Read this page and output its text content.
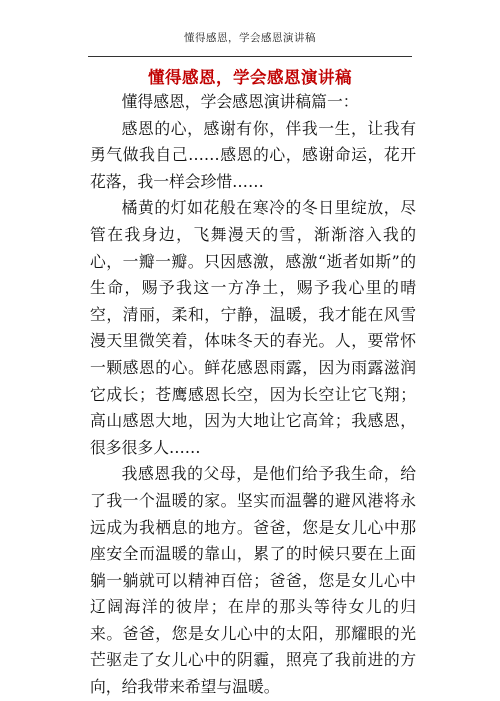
懂得感恩，学会感恩演讲稿
懂得感恩，学会感恩演讲稿

懂得感恩，学会感恩演讲稿篇一：

感恩的心，感谢有你，伴我一生，让我有勇气做我自己……感恩的心，感谢命运，花开花落，我一样会珍惜……

橘黄的灯如花般在寒冷的冬日里绽放，尽管在我身边，飞舞漫天的雪，渐渐溶入我的心，一瓣一瓣。只因感激，感激“逝者如斯”的生命，赐予我这一方净土，赐予我心里的晴空，清丽，柔和，宁静，温暖，我才能在风雪漫天里微笑着，体味冬天的春光。人，要常怀一颗感恩的心。鲜花感恩雨露，因为雨露滋润它成长；苍鹰感恩长空，因为长空让它飞翔；高山感恩大地，因为大地让它高耸；我感恩，很多很多人……

我感恩我的父母，是他们给予我生命，给了我一个温暖的家。坚实而温馨的避风港将永远成为我栖息的地方。爸爸，您是女儿心中那座安全而温暖的靠山，累了的时候只要在上面躺一躺就可以精神百倍；爸爸，您是女儿心中辽阔海洋的彼岸；在岸的那头等待女儿的归来。爸爸，您是女儿心中的太阳，那耀眼的光芒驱走了女儿心中的阴霾，照亮了我前进的方向，给我带来希望与温暖。
